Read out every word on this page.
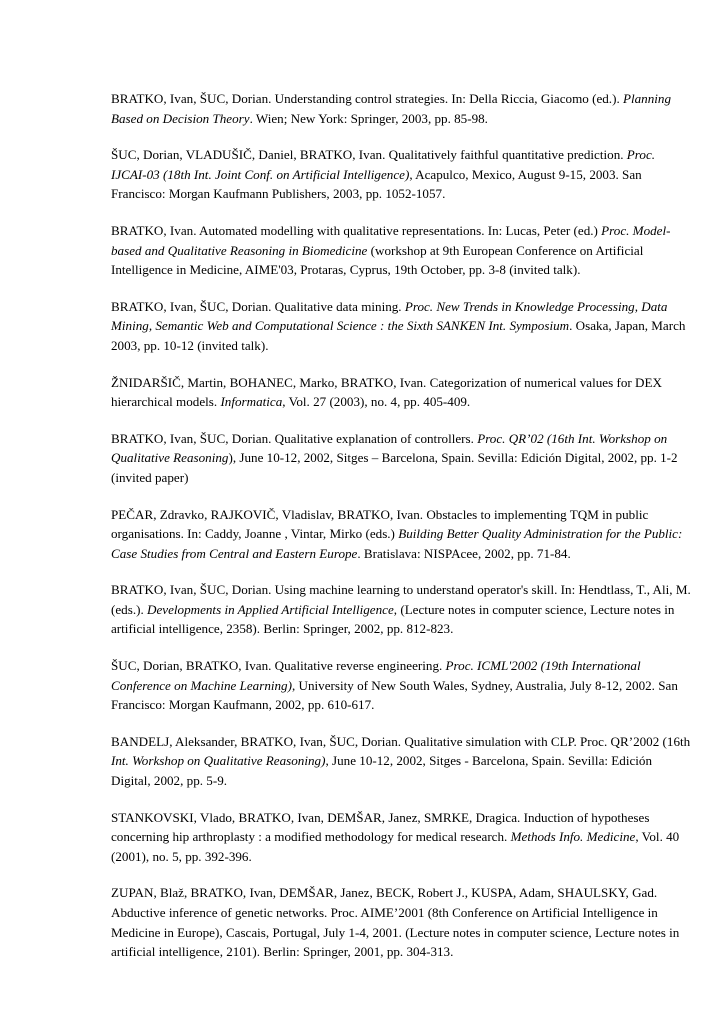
BRATKO, Ivan, ŠUC, Dorian. Understanding control strategies. In: Della Riccia, Giacomo (ed.). Planning Based on Decision Theory. Wien; New York: Springer, 2003, pp. 85-98.

ŠUC, Dorian, VLADUŠIČ, Daniel, BRATKO, Ivan. Qualitatively faithful quantitative prediction. Proc. IJCAI-03 (18th Int. Joint Conf. on Artificial Intelligence), Acapulco, Mexico, August 9-15, 2003. San Francisco: Morgan Kaufmann Publishers, 2003, pp. 1052-1057.

BRATKO, Ivan. Automated modelling with qualitative representations. In: Lucas, Peter (ed.) Proc. Model-based and Qualitative Reasoning in Biomedicine (workshop at 9th European Conference on Artificial Intelligence in Medicine, AIME'03, Protaras, Cyprus, 19th October, pp. 3-8 (invited talk).

BRATKO, Ivan, ŠUC, Dorian. Qualitative data mining. Proc. New Trends in Knowledge Processing, Data Mining, Semantic Web and Computational Science : the Sixth SANKEN Int. Symposium. Osaka, Japan, March 2003, pp. 10-12 (invited talk).

ŽNIDARŠIČ, Martin, BOHANEC, Marko, BRATKO, Ivan. Categorization of numerical values for DEX hierarchical models. Informatica, Vol. 27 (2003), no. 4, pp. 405-409.

BRATKO, Ivan, ŠUC, Dorian. Qualitative explanation of controllers. Proc. QR’02 (16th Int. Workshop on Qualitative Reasoning), June 10-12, 2002, Sitges – Barcelona, Spain. Sevilla: Edición Digital, 2002, pp. 1-2 (invited paper)

PEČAR, Zdravko, RAJKOVIČ, Vladislav, BRATKO, Ivan. Obstacles to implementing TQM in public organisations. In: Caddy, Joanne , Vintar, Mirko (eds.) Building Better Quality Administration for the Public: Case Studies from Central and Eastern Europe. Bratislava: NISPAcee, 2002, pp. 71-84.

BRATKO, Ivan, ŠUC, Dorian. Using machine learning to understand operator's skill. In: Hendtlass, T., Ali, M. (eds.). Developments in Applied Artificial Intelligence, (Lecture notes in computer science, Lecture notes in artificial intelligence, 2358). Berlin: Springer, 2002, pp. 812-823.

ŠUC, Dorian, BRATKO, Ivan. Qualitative reverse engineering. Proc. ICML'2002 (19th International Conference on Machine Learning), University of New South Wales, Sydney, Australia, July 8-12, 2002. San Francisco: Morgan Kaufmann, 2002, pp. 610-617.

BANDELJ, Aleksander, BRATKO, Ivan, ŠUC, Dorian. Qualitative simulation with CLP. Proc. QR’2002 (16th Int. Workshop on Qualitative Reasoning), June 10-12, 2002, Sitges - Barcelona, Spain. Sevilla: Edición Digital, 2002, pp. 5-9.

STANKOVSKI, Vlado, BRATKO, Ivan, DEMŠAR, Janez, SMRKE, Dragica. Induction of hypotheses concerning hip arthroplasty : a modified methodology for medical research. Methods Info. Medicine, Vol. 40 (2001), no. 5, pp. 392-396.

ZUPAN, Blaž, BRATKO, Ivan, DEMŠAR, Janez, BECK, Robert J., KUSPA, Adam, SHAULSKY, Gad. Abductive inference of genetic networks. Proc. AIME’2001 (8th Conference on Artificial Intelligence in Medicine in Europe), Cascais, Portugal, July 1-4, 2001. (Lecture notes in computer science, Lecture notes in artificial intelligence, 2101). Berlin: Springer, 2001, pp. 304-313.
